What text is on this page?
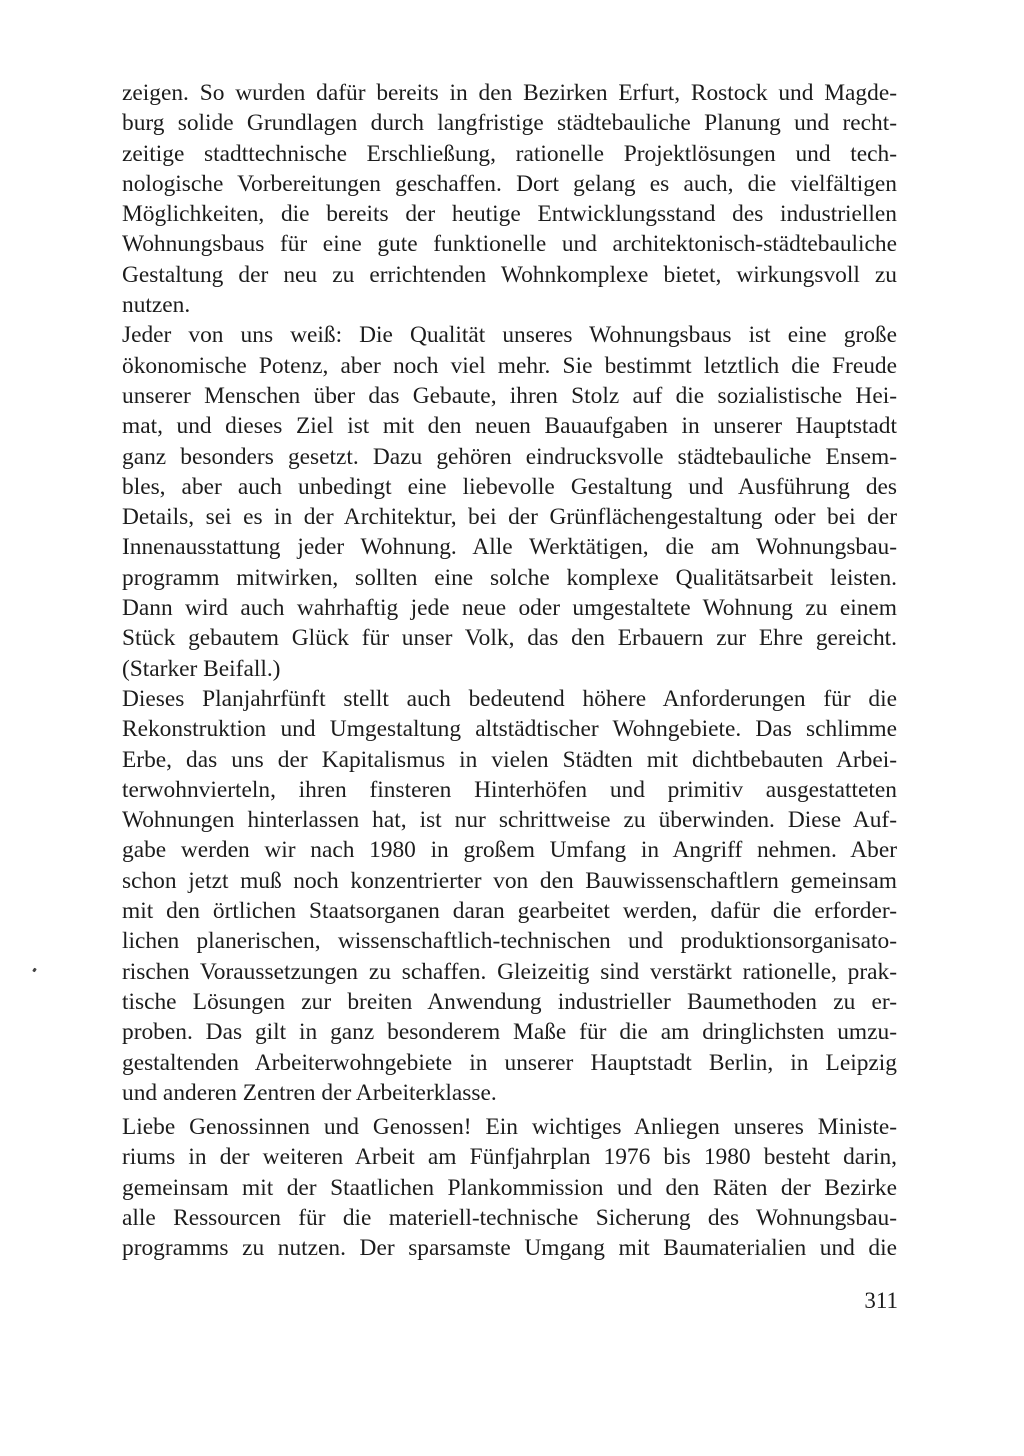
zeigen. So wurden dafür bereits in den Bezirken Erfurt, Rostock und Magde-
burg solide Grundlagen durch langfristige städtebauliche Planung und recht-
zeitige stadttechnische Erschließung, rationelle Projektlösungen und tech-
nologische Vorbereitungen geschaffen. Dort gelang es auch, die vielfältigen
Möglichkeiten, die bereits der heutige Entwicklungsstand des industriellen
Wohnungsbaus für eine gute funktionelle und architektonisch-städtebauliche
Gestaltung der neu zu errichtenden Wohnkomplexe bietet, wirkungsvoll zu
nutzen.
Jeder von uns weiß: Die Qualität unseres Wohnungsbaus ist eine große
ökonomische Potenz, aber noch viel mehr. Sie bestimmt letztlich die Freude
unserer Menschen über das Gebaute, ihren Stolz auf die sozialistische Hei-
mat, und dieses Ziel ist mit den neuen Bauaufgaben in unserer Hauptstadt
ganz besonders gesetzt. Dazu gehören eindrucksvolle städtebauliche Ensem-
bles, aber auch unbedingt eine liebevolle Gestaltung und Ausführung des
Details, sei es in der Architektur, bei der Grünflächengestaltung oder bei der
Innenausstattung jeder Wohnung. Alle Werktätigen, die am Wohnungsbau-
programm mitwirken, sollten eine solche komplexe Qualitätsarbeit leisten.
Dann wird auch wahrhaftig jede neue oder umgestaltete Wohnung zu einem
Stück gebautem Glück für unser Volk, das den Erbauern zur Ehre gereicht.
(Starker Beifall.)
Dieses Planjahrfünft stellt auch bedeutend höhere Anforderungen für die
Rekonstruktion und Umgestaltung altstädtischer Wohngebiete. Das schlimme
Erbe, das uns der Kapitalismus in vielen Städten mit dichtbebauten Arbei-
terwohnvierteln, ihren finsteren Hinterhöfen und primitiv ausgestatteten
Wohnungen hinterlassen hat, ist nur schrittweise zu überwinden. Diese Auf-
gabe werden wir nach 1980 in großem Umfang in Angriff nehmen. Aber
schon jetzt muß noch konzentrierter von den Bauwissenschaftlern gemeinsam
mit den örtlichen Staatsorganen daran gearbeitet werden, dafür die erforder-
lichen planerischen, wissenschaftlich-technischen und produktionsorganisato-
rischen Voraussetzungen zu schaffen. Gleizeitig sind verstärkt rationelle, prak-
tische Lösungen zur breiten Anwendung industrieller Baumethoden zu er-
proben. Das gilt in ganz besonderem Maße für die am dringlichsten umzu-
gestaltenden Arbeiterwohngebiete in unserer Hauptstadt Berlin, in Leipzig
und anderen Zentren der Arbeiterklasse.
Liebe Genossinnen und Genossen! Ein wichtiges Anliegen unseres Ministe-
riums in der weiteren Arbeit am Fünfjahrplan 1976 bis 1980 besteht darin,
gemeinsam mit der Staatlichen Plankommission und den Räten der Bezirke
alle Ressourcen für die materiell-technische Sicherung des Wohnungsbau-
programms zu nutzen. Der sparsamste Umgang mit Baumaterialien und die
311
